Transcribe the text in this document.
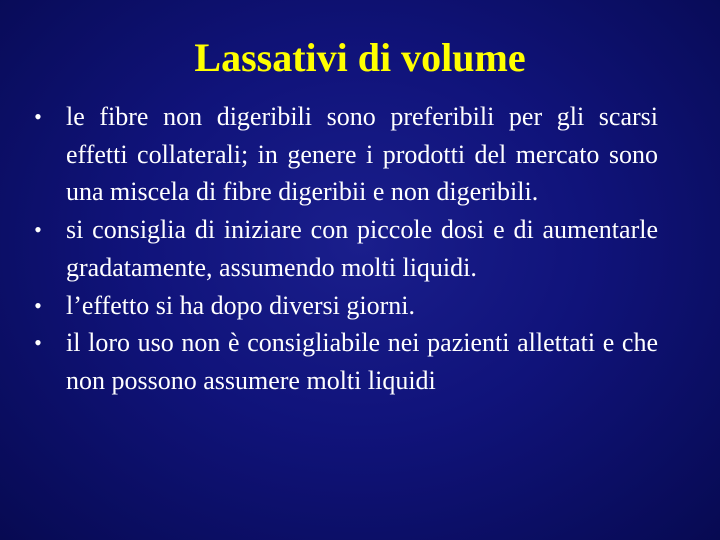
Lassativi di volume
• le fibre non digeribili sono preferibili per gli scarsi effetti collaterali; in genere i prodotti del mercato sono una miscela di fibre digeribii e non digeribili.
• si consiglia di iniziare con piccole dosi e di aumentarle gradatamente, assumendo molti liquidi.
• l’effetto si ha dopo diversi giorni.
• il loro uso non è consigliabile nei pazienti allettati e che non possono assumere molti liquidi
